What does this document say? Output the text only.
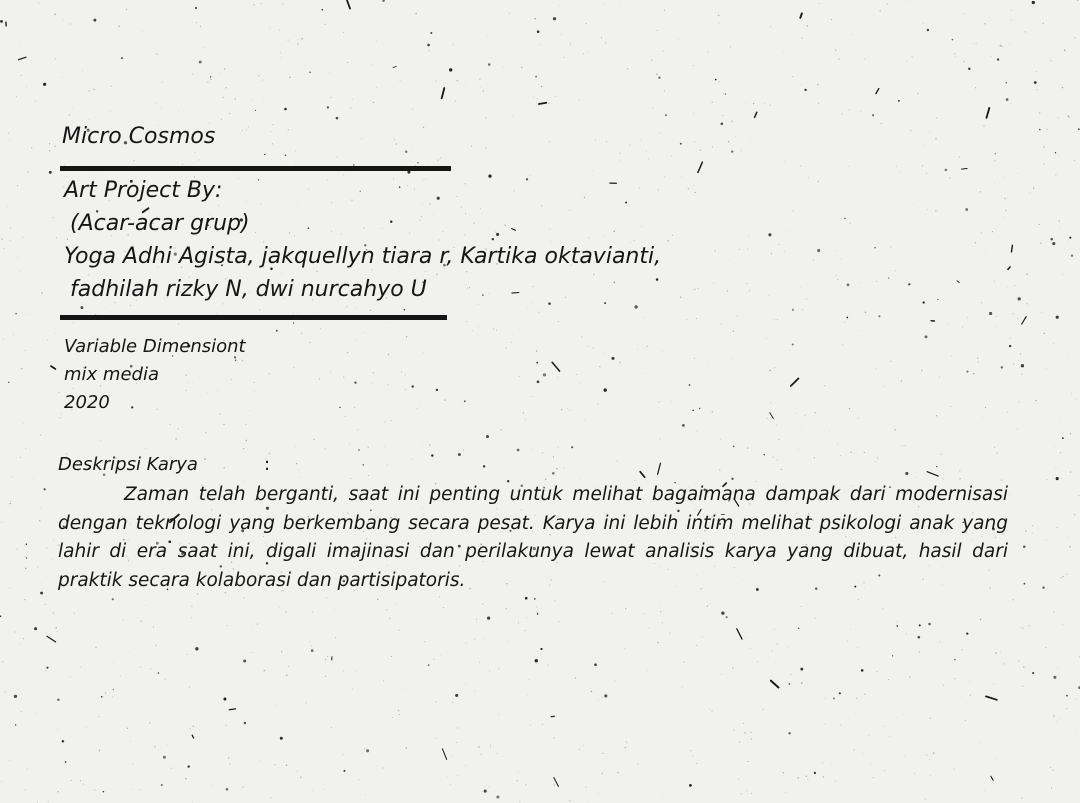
Micro Cosmos
Art Project By:
(Acar-acar grup)
Yoga Adhi Agista, jakquellyn tiara r, Kartika oktavianti,
fadhilah rizky N, dwi nurcahyo U
Variable Dimensiont
mix media
2020
Deskripsi Karya	:
Zaman telah berganti, saat ini penting untuk melihat bagaimana dampak dari modernisasi dengan teknologi yang berkembang secara pesat. Karya ini lebih intim melihat psikologi anak yang lahir di era saat ini, digali imajinasi dan perilakunya lewat analisis karya yang dibuat, hasil dari praktik secara kolaborasi dan partisipatoris.
